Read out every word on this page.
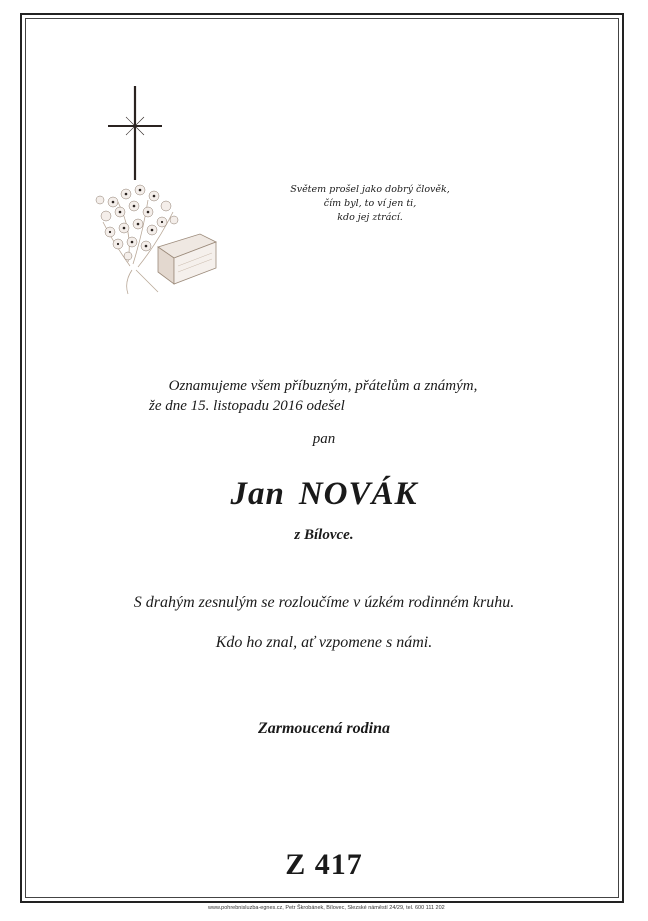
Světem prošel jako dobrý člověk,
čím byl, to ví jen ti,
kdo jej ztrácí.
Oznamujeme všem příbuzným, přátelům a známým,
že dne 15. listopadu 2016 odešel
pan
Jan NOVÁK
z Bílovce.
S drahým zesnulým se rozloučíme v úzkém rodinném kruhu.
Kdo ho znal, ať vzpomene s námi.
Zarmoucená rodina
Z 417
www.pohrebnisluzba-egnes.cz, Petr Škrobánek, Bílovec, Slezské náměstí 24/29, tel. 600 111 202
